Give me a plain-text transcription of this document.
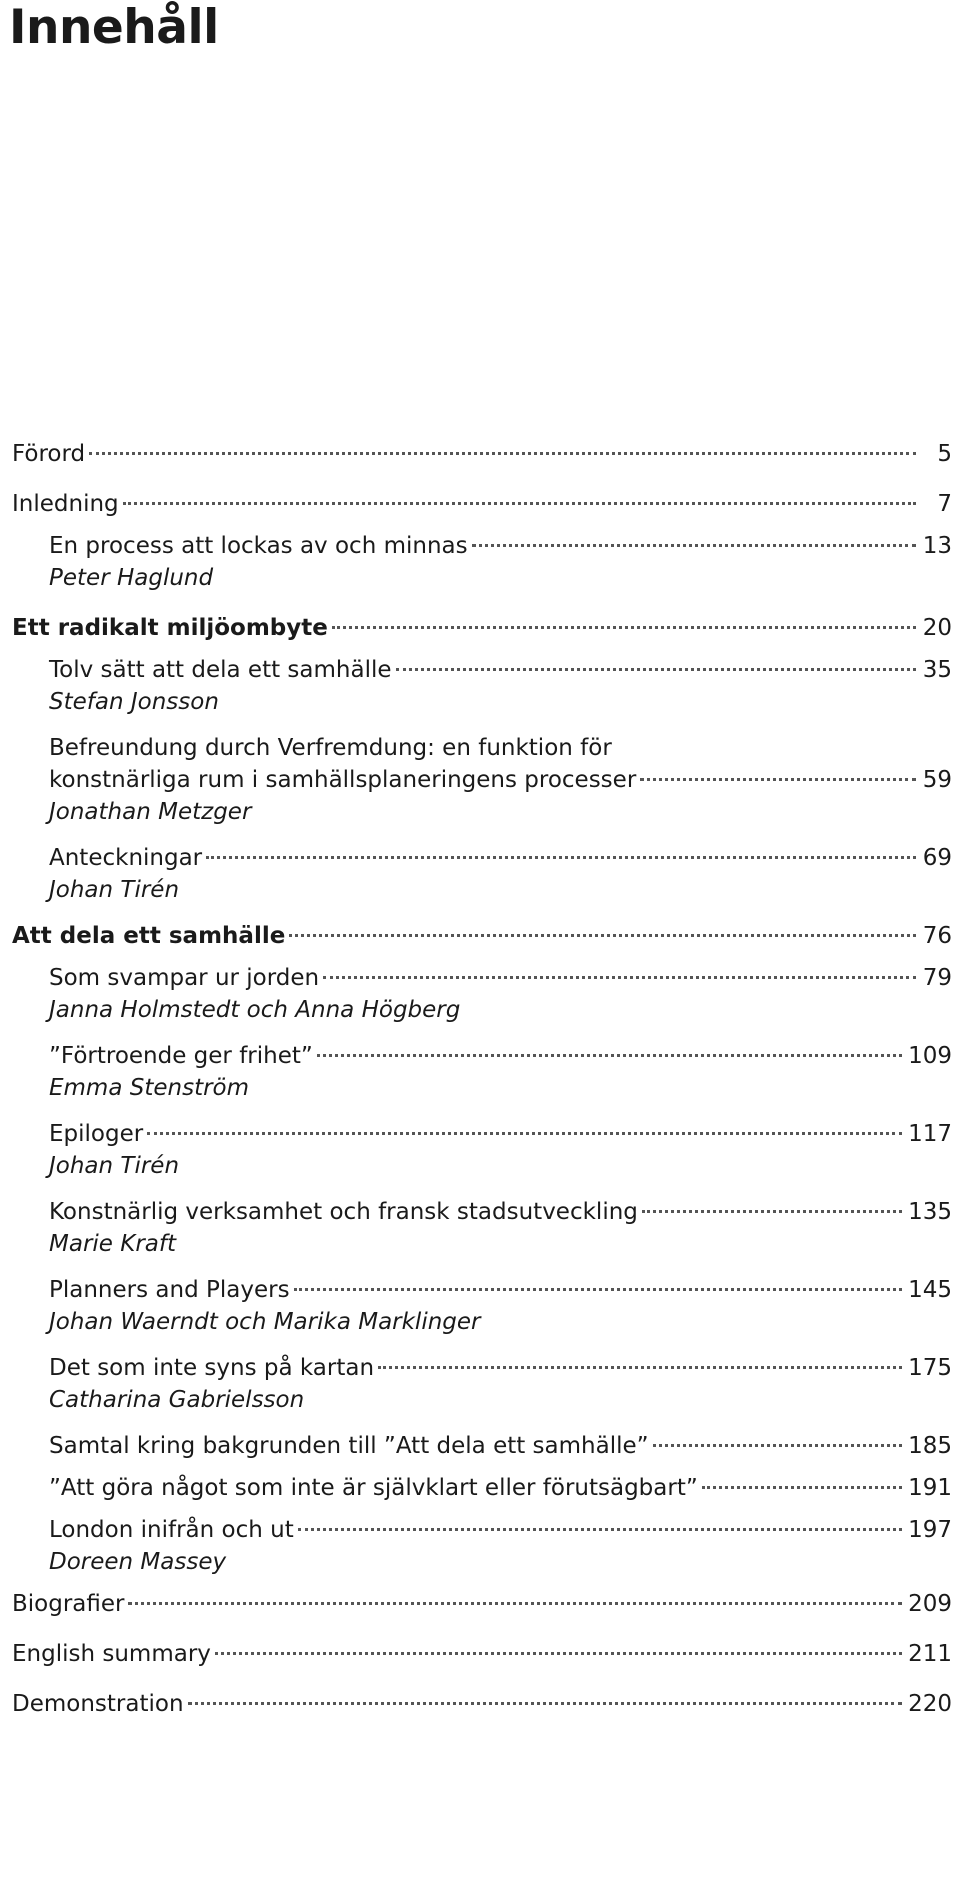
Innehåll
Förord	5
Inledning	7
En process att lockas av och minnas	13
Peter Haglund
Ett radikalt miljöombyte	20
Tolv sätt att dela ett samhälle	35
Stefan Jonsson
Befreundung durch Verfremdung: en funktion för
konstnärliga rum i samhällsplaneringens processer	59
Jonathan Metzger
Anteckningar	69
Johan Tirén
Att dela ett samhälle	76
Som svampar ur jorden	79
Janna Holmstedt och Anna Högberg
”Förtroende ger frihet”	109
Emma Stenström
Epiloger	117
Johan Tirén
Konstnärlig verksamhet och fransk stadsutveckling	135
Marie Kraft
Planners and Players	145
Johan Waerndt och Marika Marklinger
Det som inte syns på kartan	175
Catharina Gabrielsson
Samtal kring bakgrunden till ”Att dela ett samhälle”	185
”Att göra något som inte är självklart eller förutsägbart”	191
London inifrån och ut	197
Doreen Massey
Biografier	209
English summary	211
Demonstration	220
